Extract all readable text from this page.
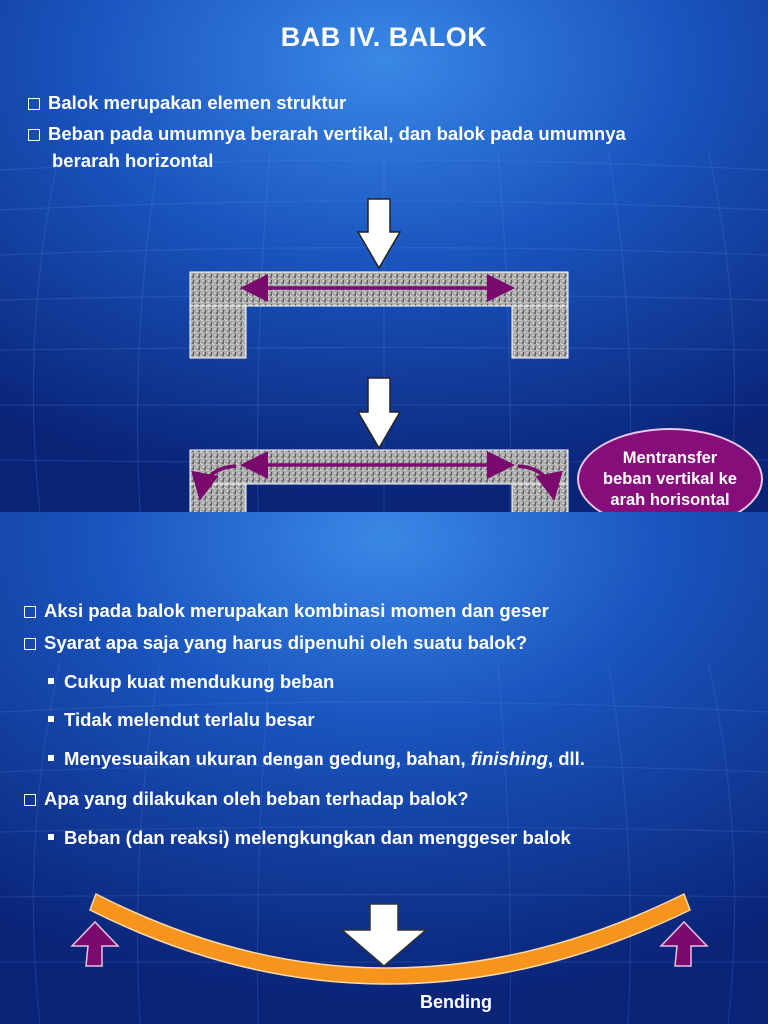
BAB IV. BALOK
Balok merupakan elemen struktur
Beban pada umumnya berarah vertikal, dan balok pada umumnya
berarah horizontal
Mentransfer
beban vertikal ke
arah horisontal
Aksi pada balok merupakan kombinasi momen dan geser
Syarat apa saja yang harus dipenuhi oleh suatu balok?
Cukup kuat mendukung beban
Tidak melendut terlalu besar
Menyesuaikan ukuran dengan gedung, bahan, finishing, dll.
Apa yang dilakukan oleh beban terhadap balok?
Beban (dan reaksi) melengkungkan dan menggeser balok
Bending
